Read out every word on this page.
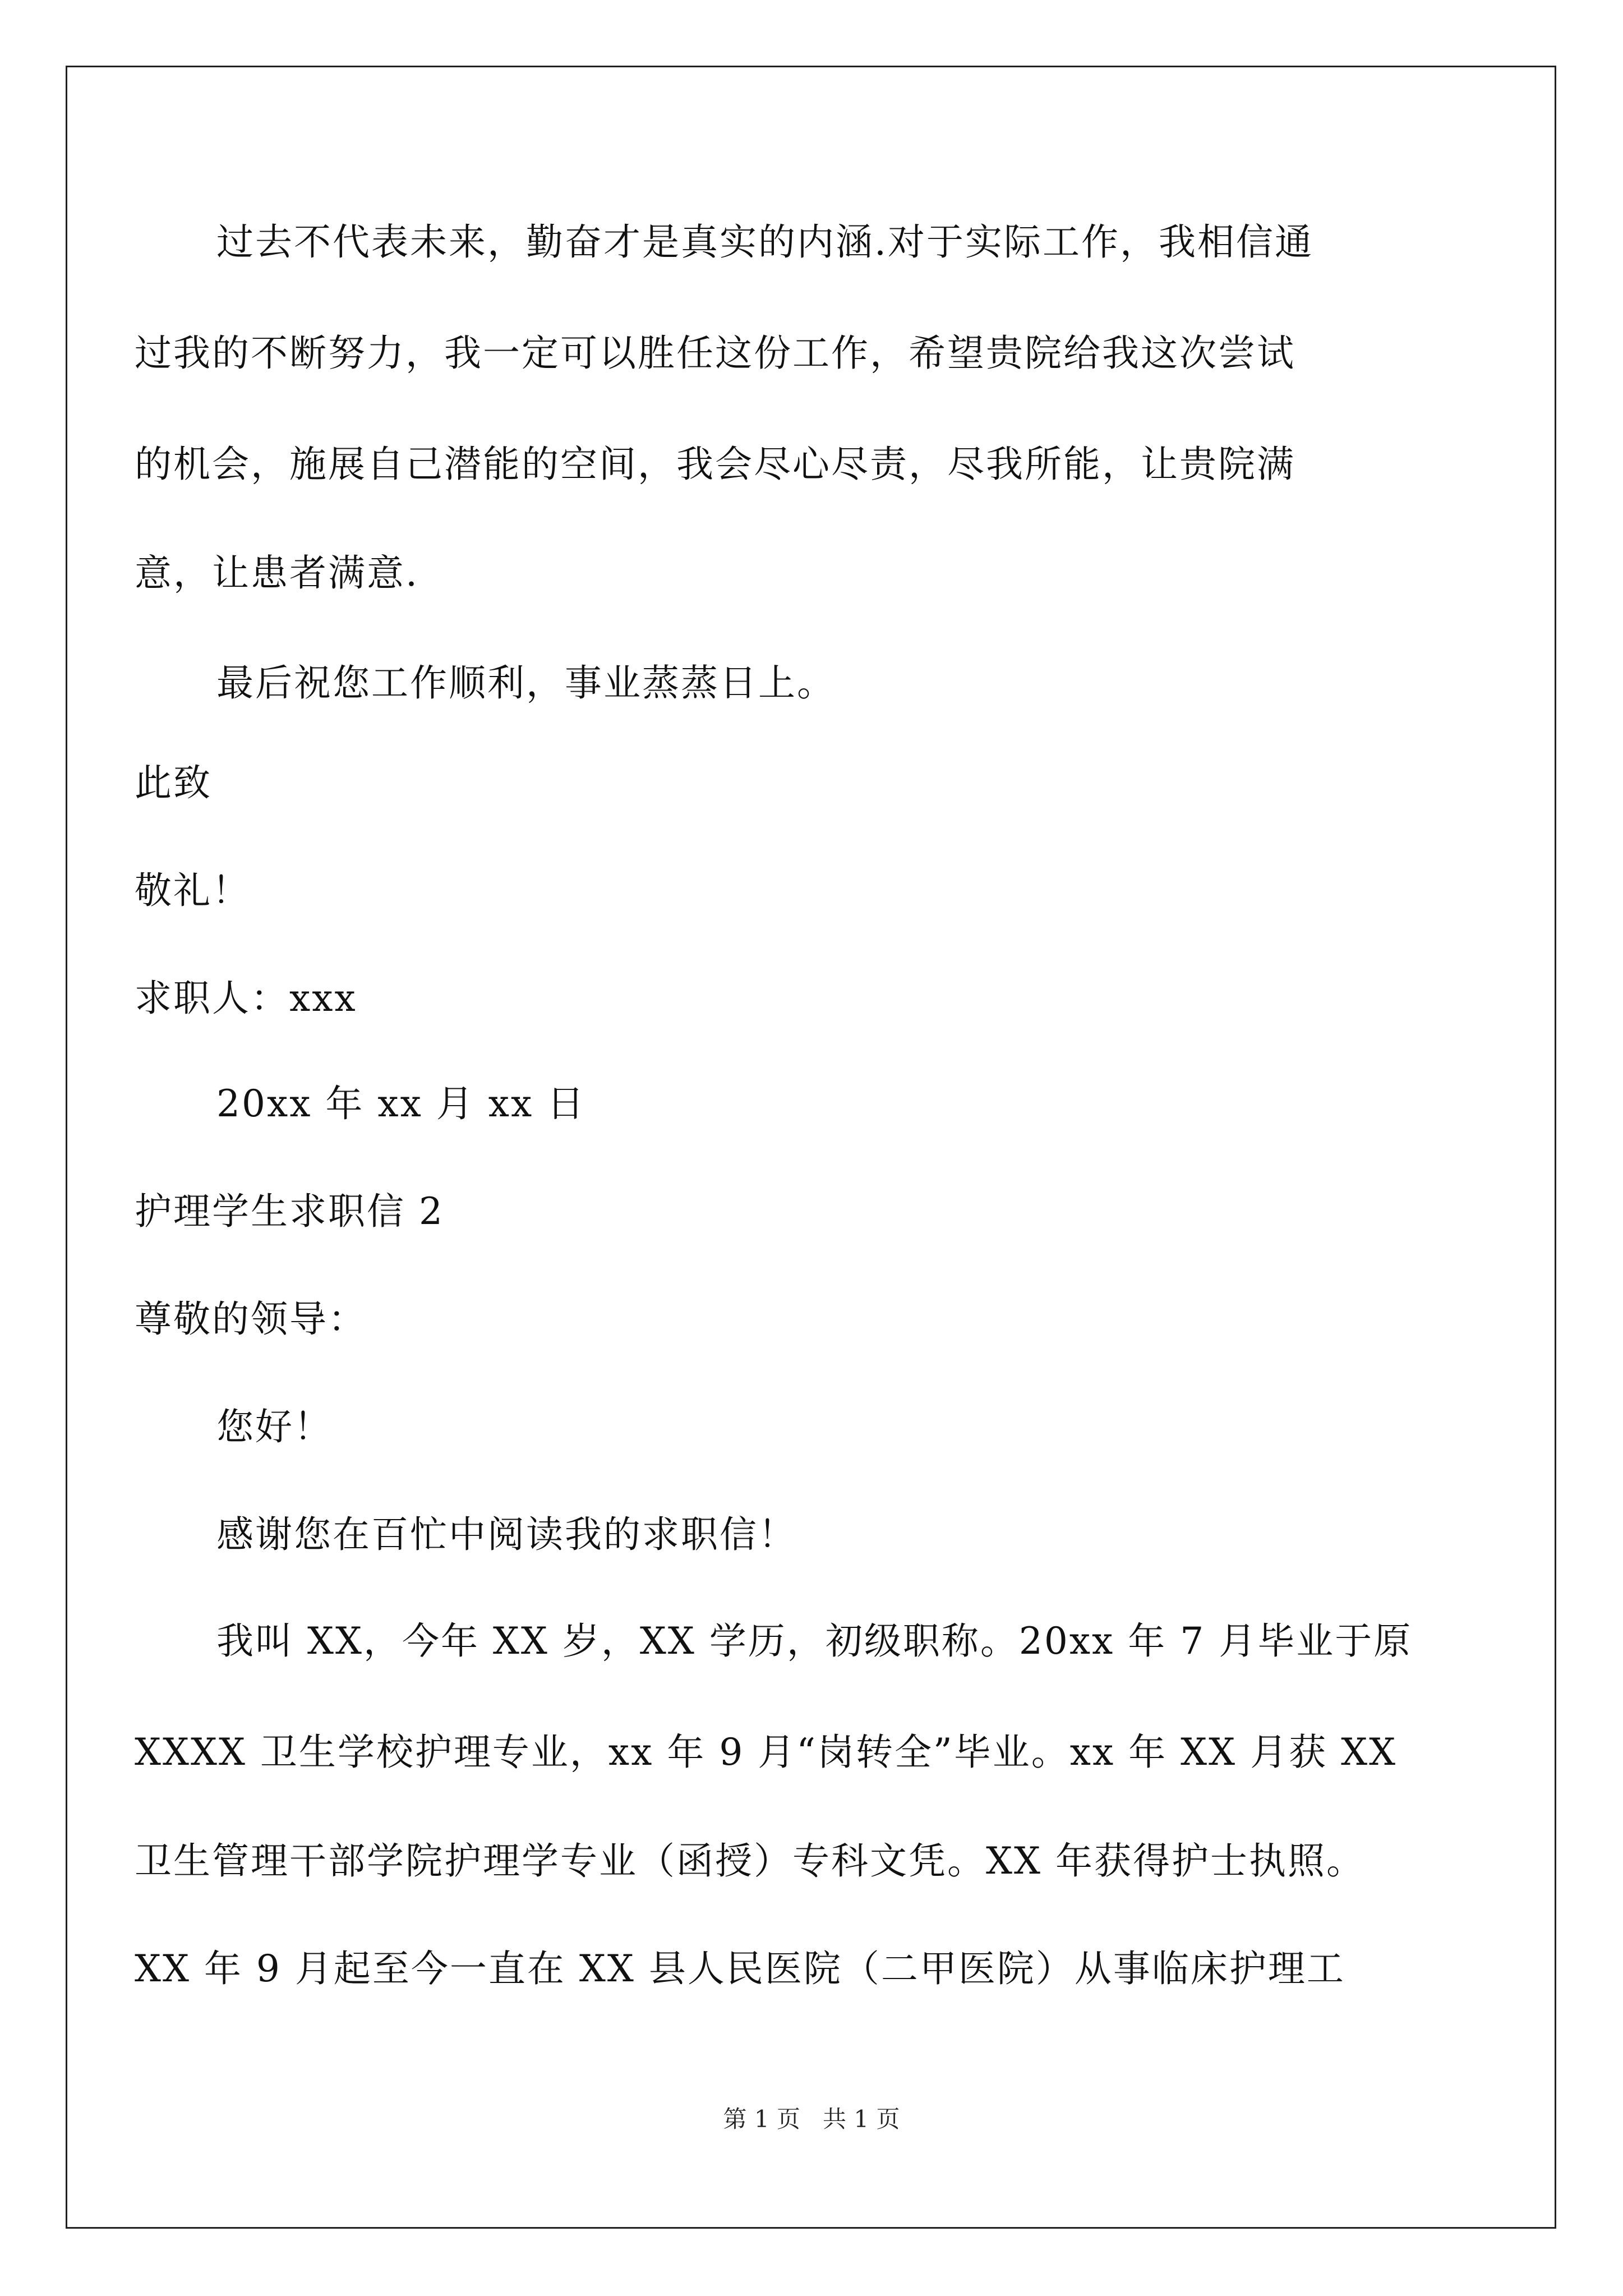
过去不代表未来，勤奋才是真实的内涵.对于实际工作，我相信通
过我的不断努力，我一定可以胜任这份工作，希望贵院给我这次尝试
的机会，施展自己潜能的空间，我会尽心尽责，尽我所能，让贵院满
意，让患者满意.
最后祝您工作顺利，事业蒸蒸日上。
此致
敬礼！
求职人：xxx
20xx 年 xx 月 xx 日
护理学生求职信 2
尊敬的领导：
您好！
感谢您在百忙中阅读我的求职信！
我叫 XX，今年 XX 岁，XX 学历，初级职称。20xx 年 7 月毕业于原
XXXX 卫生学校护理专业，xx 年 9 月“岗转全”毕业。xx 年 XX 月获 XX
卫生管理干部学院护理学专业（函授）专科文凭。XX 年获得护士执照。
XX 年 9 月起至今一直在 XX 县人民医院（二甲医院）从事临床护理工
第 1 页   共 1 页
